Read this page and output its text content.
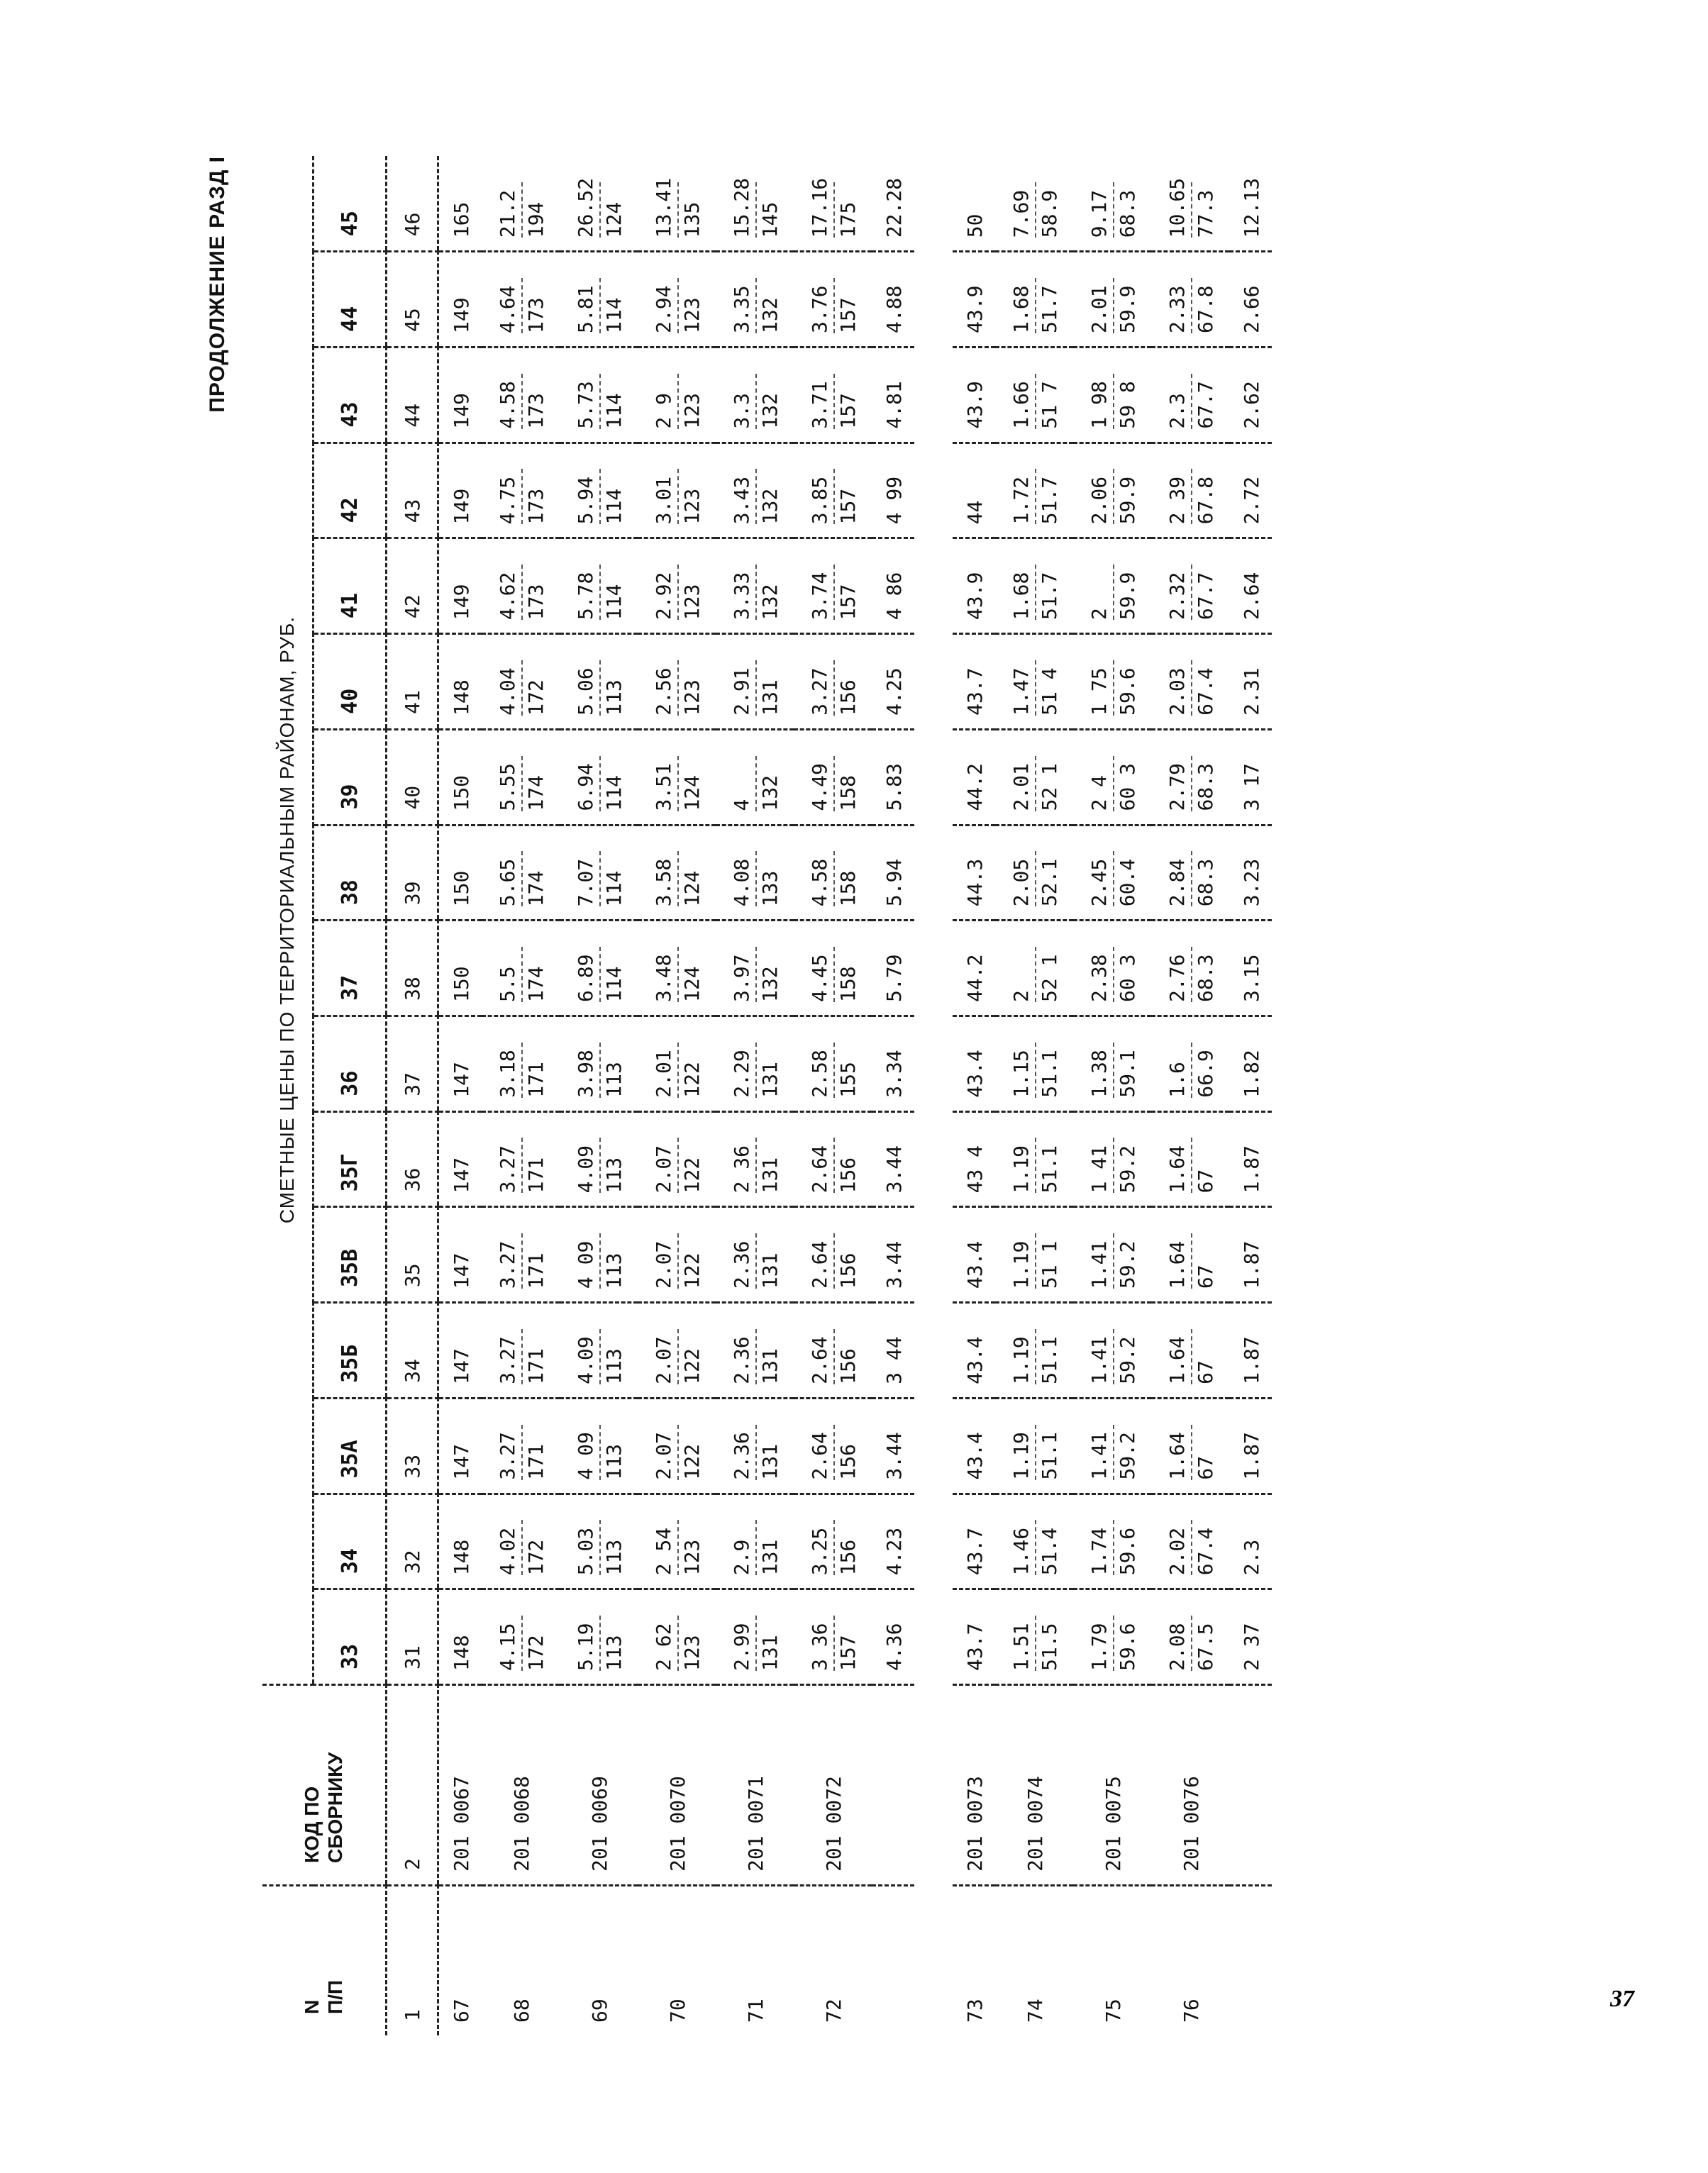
ПРОДОЛЖЕНИЕ РАЗД I
N
П/П	КОД ПО
СБОРНИКУ	СМЕТНЫЕ ЦЕНЫ ПО ТЕРРИТОРИАЛЬНЫМ РАЙОНАМ, РУБ.															
		33	34	35А	35Б	35В	35Г	36	37	38	39	40	41	42	43	44	45
1	2	31	32	33	34	35	36	37	38	39	40	41	42	43	44	45	46
67	201 0067	148	148	147	147	147	147	147	150	150	150	148	149	149	149	149	165
68	201 0068	4.15 172	4.02 172	3.27 171	3.27 171	3.27 171	3.27 171	3.18 171	5.5 174	5.65 174	5.55 174	4.04 172	4.62 173	4.75 173	4.58 173	4.64 173	21.2 194

69	201 0069	5.19 113	5.03 113	4 09 113	4.09 113	4 09 113	4.09 113	3.98 113	6.89 114	7.07 114	6.94 114	5.06 113	5.78 114	5.94 114	5.73 114	5.81 114	26.52 124

70	201 0070	2 62 123	2 54 123	2.07 122	2.07 122	2.07 122	2.07 122	2.01 122	3.48 124	3.58 124	3.51 124	2.56 123	2.92 123	3.01 123	2 9 123	2.94 123	13.41 135

71	201 0071	2.99 131	2.9 131	2.36 131	2.36 131	2.36 131	2 36 131	2.29 131	3.97 132	4.08 133	4 132	2.91 131	3.33 132	3.43 132	3.3 132	3.35 132	15.28 145

72	201 0072	3 36 157	3.25 156	2.64 156	2.64 156	2.64 156	2.64 156	2.58 155	4.45 158	4.58 158	4.49 158	3.27 156	3.74 157	3.85 157	3.71 157	3.76 157	17.16 175

		4.36	4.23	3.44	3 44	3.44	3.44	3.34	5.79	5.94	5.83	4.25	4 86	4 99	4.81	4.88	22.28

73	201 0073	43.7	43.7	43.4	43.4	43.4	43 4	43.4	44.2	44.3	44.2	43.7	43.9	44	43.9	43.9	50
74	201 0074	1.51 51.5	1.46 51.4	1.19 51.1	1.19 51.1	1.19 51 1	1.19 51.1	1.15 51.1	2 52 1	2.05 52.1	2.01 52 1	1.47 51 4	1.68 51.7	1.72 51.7	1.66 51 7	1.68 51.7	7.69 58.9

75	201 0075	1.79 59.6	1.74 59.6	1.41 59.2	1.41 59.2	1.41 59.2	1 41 59.2	1.38 59.1	2.38 60 3	2.45 60.4	2 4 60 3	1 75 59.6	2 59.9	2.06 59.9	1 98 59 8	2.01 59.9	9.17 68.3

76	201 0076	2.08 67.5	2.02 67.4	1.64 67	1.64 67	1.64 67	1.64 67	1.6 66.9	2.76 68.3	2.84 68.3	2.79 68.3	2.03 67.4	2.32 67.7	2 39 67.8	2.3 67.7	2.33 67.8	10.65 77.3

		2 37	2.3	1.87	1.87	1.87	1.87	1.82	3.15	3.23	3 17	2.31	2.64	2.72	2.62	2.66	12.13
37
